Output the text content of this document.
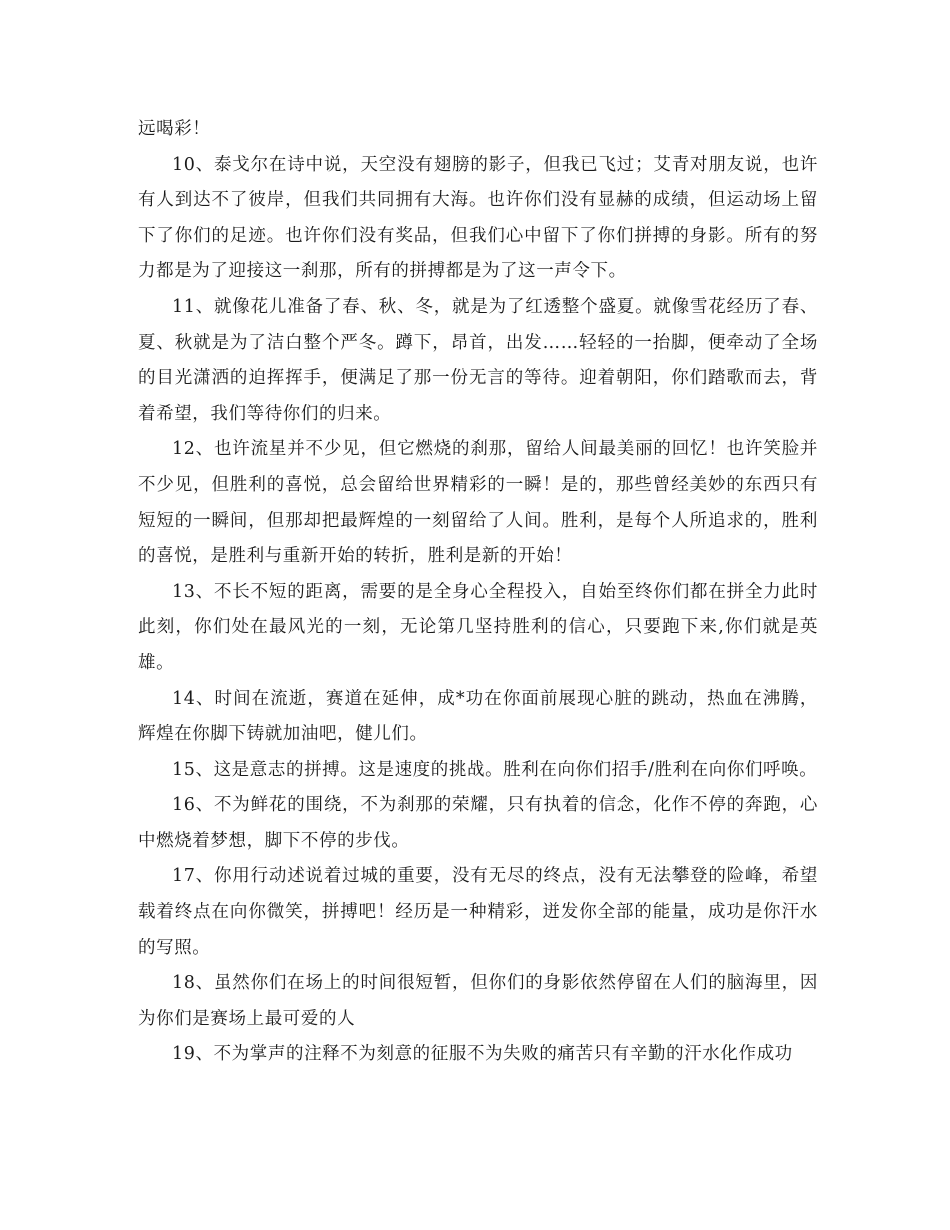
远喝彩！

10、泰戈尔在诗中说，天空没有翅膀的影子，但我已飞过；艾青对朋友说，也许有人到达不了彼岸，但我们共同拥有大海。也许你们没有显赫的成绩，但运动场上留下了你们的足迹。也许你们没有奖品，但我们心中留下了你们拼搏的身影。所有的努力都是为了迎接这一刹那，所有的拼搏都是为了这一声令下。

11、就像花儿准备了春、秋、冬，就是为了红透整个盛夏。就像雪花经历了春、夏、秋就是为了洁白整个严冬。蹲下，昂首，出发……轻轻的一抬脚，便牵动了全场的目光潇洒的迫挥挥手，便满足了那一份无言的等待。迎着朝阳，你们踏歌而去，背着希望，我们等待你们的归来。

12、也许流星并不少见，但它燃烧的刹那，留给人间最美丽的回忆！也许笑脸并不少见，但胜利的喜悦，总会留给世界精彩的一瞬！是的，那些曾经美妙的东西只有短短的一瞬间，但那却把最辉煌的一刻留给了人间。胜利，是每个人所追求的，胜利的喜悦，是胜利与重新开始的转折，胜利是新的开始！

13、不长不短的距离，需要的是全身心全程投入，自始至终你们都在拼全力此时此刻，你们处在最风光的一刻，无论第几坚持胜利的信心，只要跑下来,你们就是英雄。

14、时间在流逝，赛道在延伸，成*功在你面前展现心脏的跳动，热血在沸腾，辉煌在你脚下铸就加油吧，健儿们。

15、这是意志的拼搏。这是速度的挑战。胜利在向你们招手/胜利在向你们呼唤。

16、不为鲜花的围绕，不为刹那的荣耀，只有执着的信念，化作不停的奔跑，心中燃烧着梦想，脚下不停的步伐。

17、你用行动述说着过城的重要，没有无尽的终点，没有无法攀登的险峰，希望载着终点在向你微笑，拼搏吧！经历是一种精彩，迸发你全部的能量，成功是你汗水的写照。

18、虽然你们在场上的时间很短暂，但你们的身影依然停留在人们的脑海里，因为你们是赛场上最可爱的人

19、不为掌声的注释不为刻意的征服不为失败的痛苦只有辛勤的汗水化作成功
